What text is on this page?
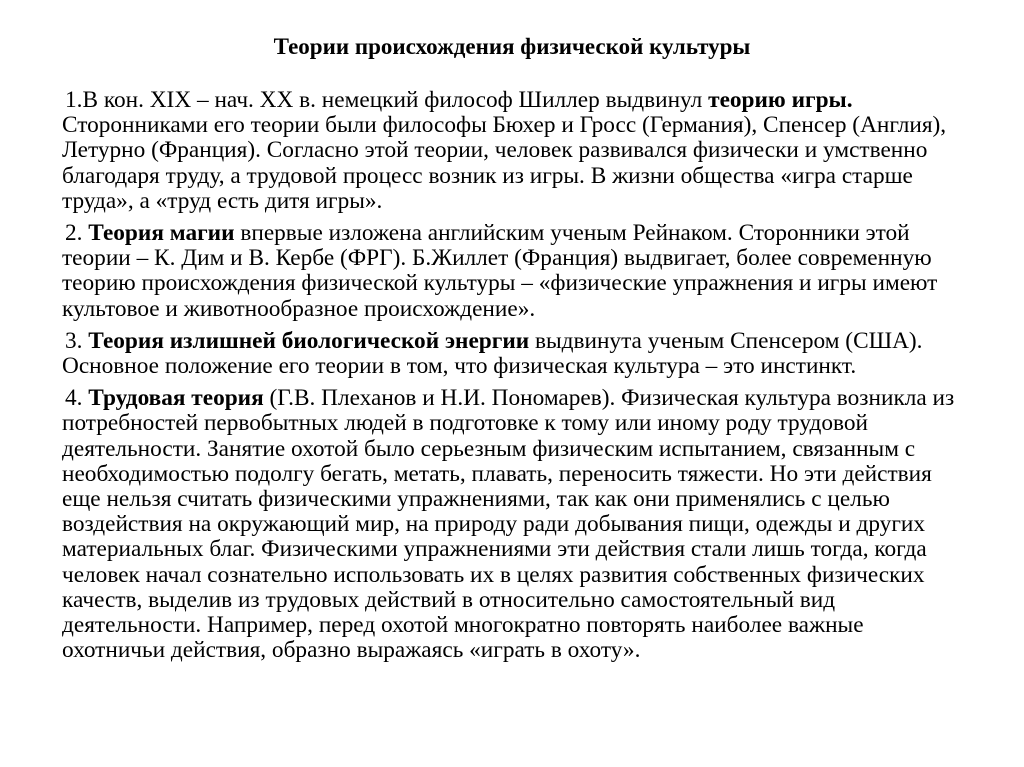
Теории происхождения физической культуры

1.В кон. XIX – нач. XX в. немецкий философ Шиллер выдвинул теорию игры. Сторонниками его теории были философы Бюхер и Гросс (Германия), Спенсер (Англия), Летурно (Франция). Согласно этой теории, человек развивался физически и умственно благодаря труду, а трудовой процесс возник из игры. В жизни общества «игра старше труда», а «труд есть дитя игры».

2. Теория магии впервые изложена английским ученым Рейнаком. Сторонники этой теории – К. Дим и В. Кербе (ФРГ). Б.Жиллет (Франция) выдвигает, более современную теорию происхождения физической культуры – «физические упражнения и игры имеют культовое и животнообразное происхождение».

3. Теория излишней биологической энергии выдвинута ученым Спенсером (США). Основное положение его теории в том, что физическая культура – это инстинкт.

4. Трудовая теория (Г.В. Плеханов и Н.И. Пономарев). Физическая культура возникла из потребностей первобытных людей в подготовке к тому или иному роду трудовой деятельности. Занятие охотой было серьезным физическим испытанием, связанным с необходимостью подолгу бегать, метать, плавать, переносить тяжести. Но эти действия еще нельзя считать физическими упражнениями, так как они применялись с целью воздействия на окружающий мир, на природу ради добывания пищи, одежды и других материальных благ. Физическими упражнениями эти действия стали лишь тогда, когда человек начал сознательно использовать их в целях развития собственных физических качеств, выделив из трудовых действий в относительно самостоятельный вид деятельности. Например, перед охотой многократно повторять наиболее важные охотничьи действия, образно выражаясь «играть в охоту».
